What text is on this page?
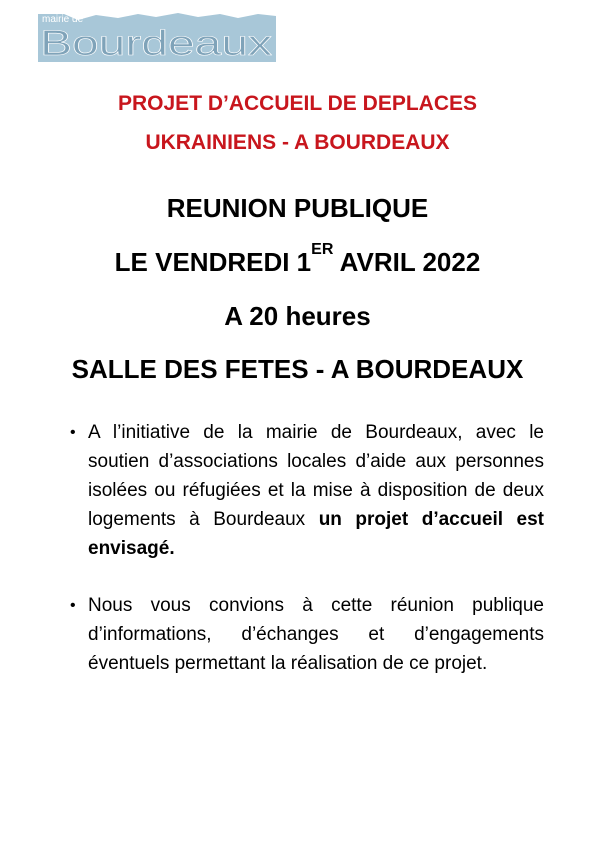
mairie de
Bourdeaux
PROJET D’ACCUEIL DE DEPLACES
UKRAINIENS - A BOURDEAUX
REUNION PUBLIQUE
LE VENDREDI 1ER AVRIL 2022
A 20 heures
SALLE DES FETES - A BOURDEAUX
• A l’initiative de la mairie de Bourdeaux, avec le soutien d’associations locales d’aide aux personnes isolées ou réfugiées et la mise à disposition de deux logements à Bourdeaux un projet d’accueil est envisagé.
• Nous vous convions à cette réunion publique d’informations, d’échanges et d’engagements éventuels permettant la réalisation de ce projet.
